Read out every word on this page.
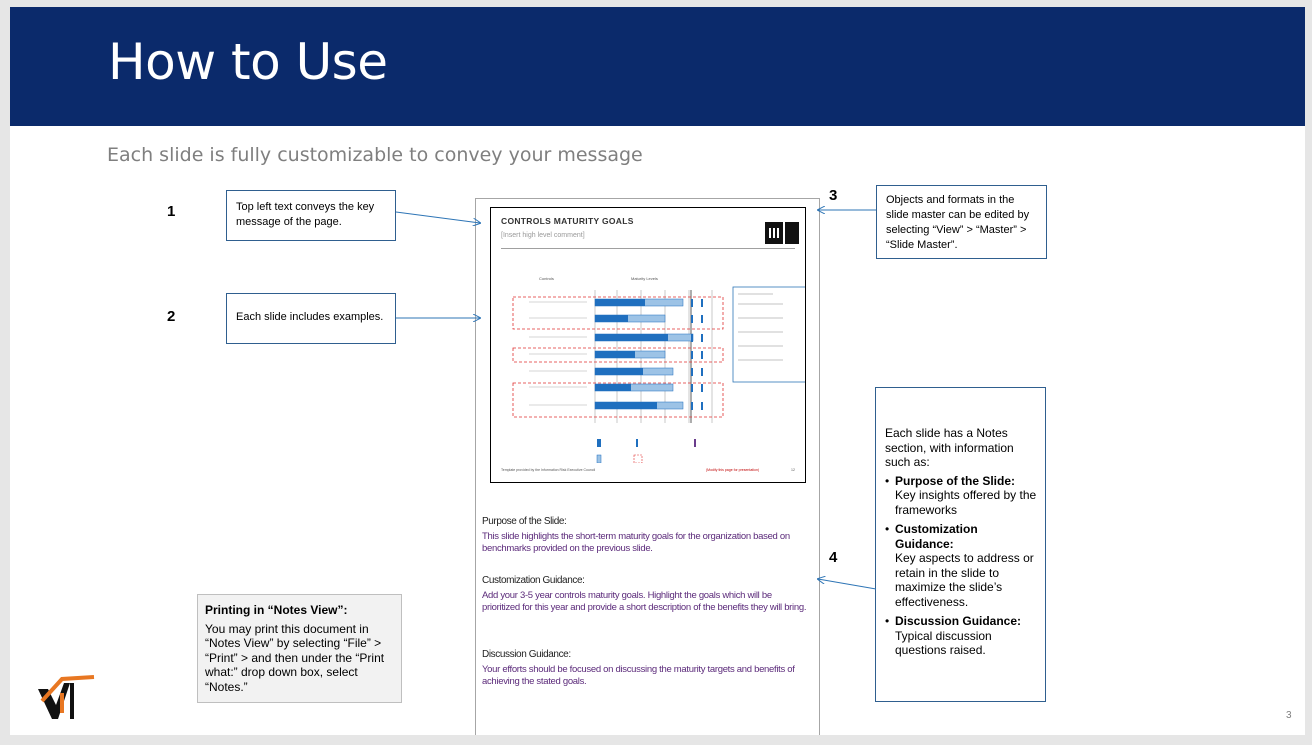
How to Use
Each slide is fully customizable to convey your message
1
2
3
4

Top left text conveys the key message of the page.

Each slide includes examples.

Objects and formats in the slide master can be edited by selecting “View” > “Master” > “Slide Master”.

Each slide has a Notes section, with information such as:
• Purpose of the Slide:
Key insights offered by the frameworks
• Customization Guidance:
Key aspects to address or retain in the slide to maximize the slide’s effectiveness.
• Discussion Guidance:
Typical discussion questions raised.
Printing in “Notes View”:
You may print this document in “Notes View” by selecting “File” > “Print” > and then under the “Print what:” drop down box, select “Notes.”
CONTROLS MATURITY GOALS
[Insert high level comment]
Controls	Maturity Levels
Template provided by the Information Risk Executive Council	(Modify this page for presentation)	12
Purpose of the Slide:
This slide highlights the short-term maturity goals for the organization based on benchmarks provided on the previous slide.
Customization Guidance:
Add your 3-5 year controls maturity goals. Highlight the goals which will be prioritized for this year and provide a short description of the benefits they will bring.
Discussion Guidance:
Your efforts should be focused on discussing the maturity targets and benefits of achieving the stated goals.
3
